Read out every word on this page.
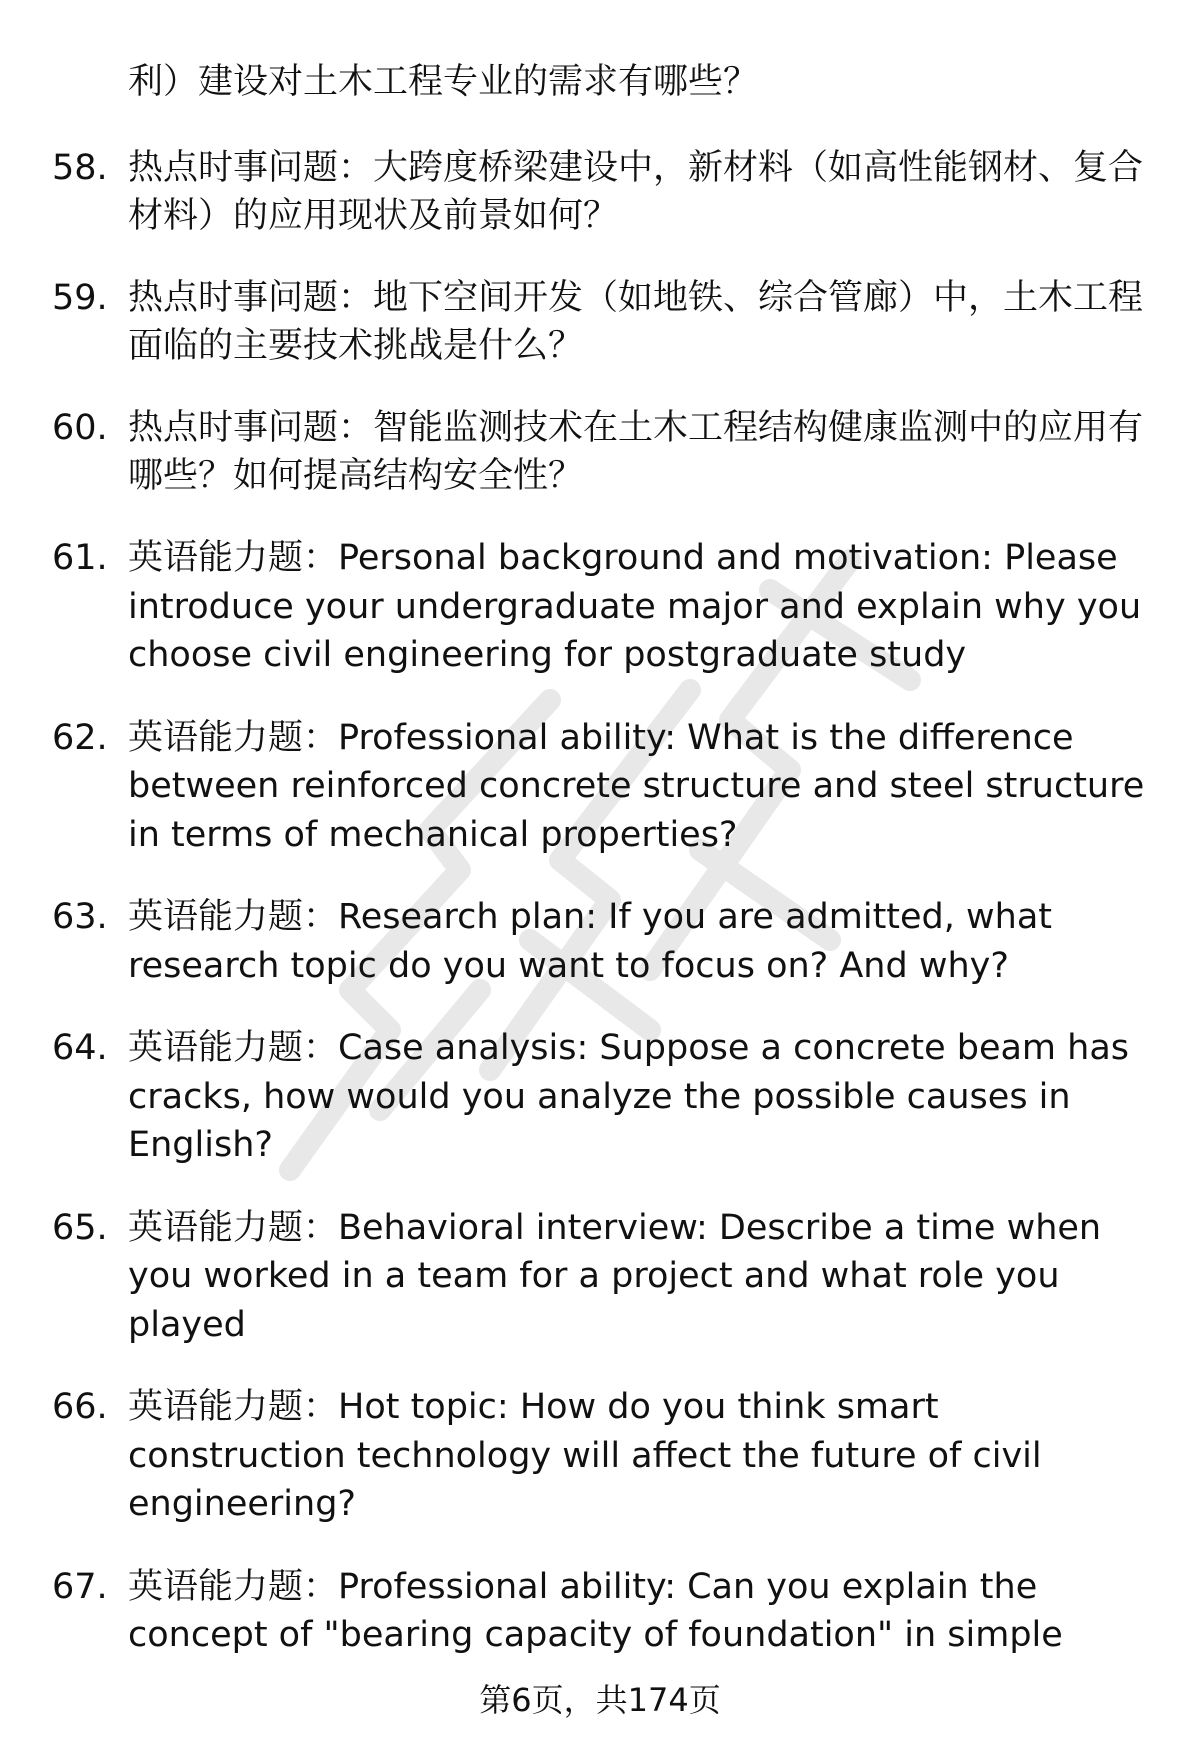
利）建设对土木工程专业的需求有哪些？
58. 热点时事问题：大跨度桥梁建设中，新材料（如高性能钢材、复合材料）的应用现状及前景如何？
59. 热点时事问题：地下空间开发（如地铁、综合管廊）中，土木工程面临的主要技术挑战是什么？
60. 热点时事问题：智能监测技术在土木工程结构健康监测中的应用有哪些？如何提高结构安全性？
61. 英语能力题：Personal background and motivation: Please introduce your undergraduate major and explain why you choose civil engineering for postgraduate study
62. 英语能力题：Professional ability: What is the difference between reinforced concrete structure and steel structure in terms of mechanical properties?
63. 英语能力题：Research plan: If you are admitted, what research topic do you want to focus on? And why?
64. 英语能力题：Case analysis: Suppose a concrete beam has cracks, how would you analyze the possible causes in English?
65. 英语能力题：Behavioral interview: Describe a time when you worked in a team for a project and what role you played
66. 英语能力题：Hot topic: How do you think smart construction technology will affect the future of civil engineering?
67. 英语能力题：Professional ability: Can you explain the concept of "bearing capacity of foundation" in simple
第6页，共174页
